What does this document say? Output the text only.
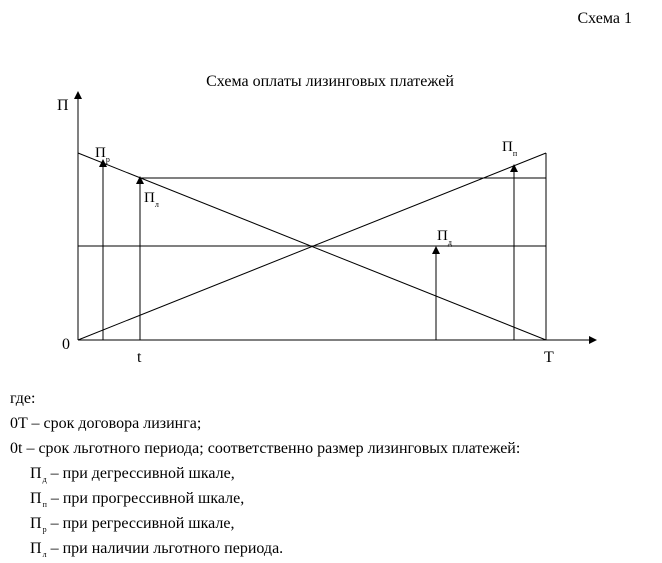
Схема 1
Схема оплаты лизинговых платежей
П
0
t	T
$П_р$
$П_л$
$П_д$
$П_п$
где:
0T – срок договора лизинга;
0t – срок льготного периода; соответственно размер лизинговых платежей:
$П_д$ – при дегрессивной шкале,
$П_п$ – при прогрессивной шкале,
$П_р$ – при регрессивной шкале,
$П_л$ – при наличии льготного периода.
